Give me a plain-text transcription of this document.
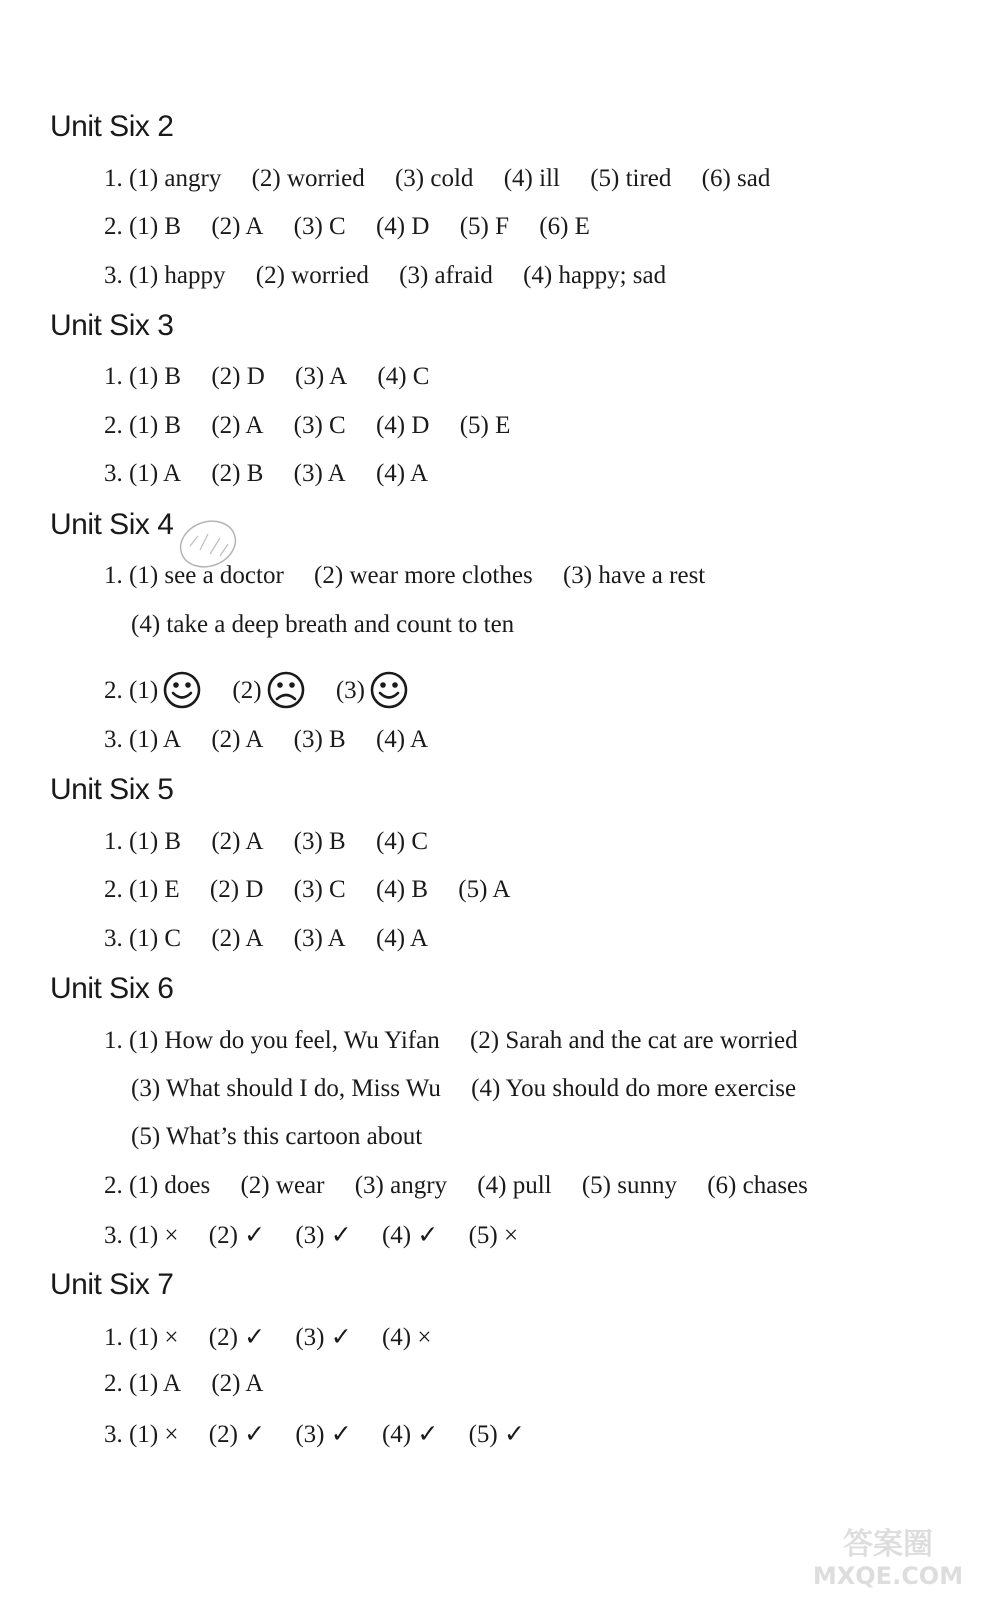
Unit Six 2
1. (1) angry (2) worried (3) cold (4) ill (5) tired (6) sad
2. (1) B (2) A (3) C (4) D (5) F (6) E
3. (1) happy (2) worried (3) afraid (4) happy; sad
Unit Six 3
1. (1) B (2) D (3) A (4) C
2. (1) B (2) A (3) C (4) D (5) E
3. (1) A (2) B (3) A (4) A
Unit Six 4
1. (1) see a doctor (2) wear more clothes (3) have a rest
(4) take a deep breath and count to ten
2. (1)	(2)	(3)
3. (1) A (2) A (3) B (4) A
Unit Six 5
1. (1) B (2) A (3) B (4) C
2. (1) E (2) D (3) C (4) B (5) A
3. (1) C (2) A (3) A (4) A
Unit Six 6
1. (1) How do you feel, Wu Yifan (2) Sarah and the cat are worried
(3) What should I do, Miss Wu (4) You should do more exercise
(5) What’s this cartoon about
2. (1) does (2) wear (3) angry (4) pull (5) sunny (6) chases
3. (1) × (2) ✓ (3) ✓ (4) ✓ (5) ×
Unit Six 7
1. (1) × (2) ✓ (3) ✓ (4) ×
2. (1) A (2) A
3. (1) × (2) ✓ (3) ✓ (4) ✓ (5) ✓
答案圈
MXQE.COM
